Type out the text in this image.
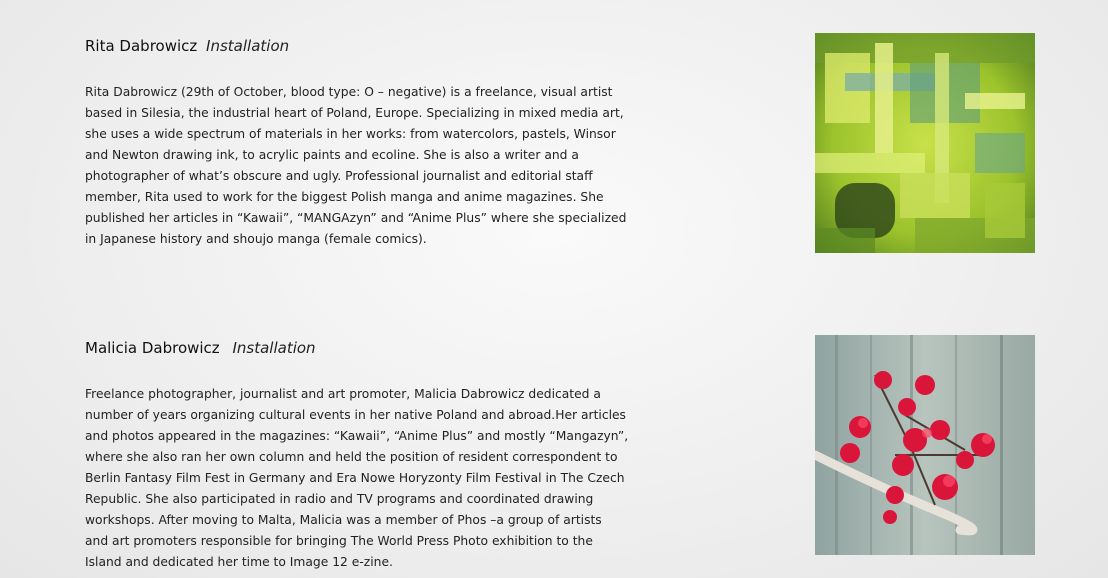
Rita Dabrowicz Installation
Rita Dabrowicz (29th of October, blood type: O – negative) is a freelance, visual artist
based in Silesia, the industrial heart of Poland, Europe. Specializing in mixed media art,
she uses a wide spectrum of materials in her works: from watercolors, pastels, Winsor
and Newton drawing ink, to acrylic paints and ecoline. She is also a writer and a
photographer of what’s obscure and ugly. Professional journalist and editorial staff
member, Rita used to work for the biggest Polish manga and anime magazines. She
published her articles in “Kawaii”, “MANGAzyn” and “Anime Plus” where she specialized
in Japanese history and shoujo manga (female comics).
Malicia Dabrowicz Installation
Freelance photographer, journalist and art promoter, Malicia Dabrowicz dedicated a
number of years organizing cultural events in her native Poland and abroad.Her articles
and photos appeared in the magazines: “Kawaii”, “Anime Plus” and mostly “Mangazyn”,
where she also ran her own column and held the position of resident correspondent to
Berlin Fantasy Film Fest in Germany and Era Nowe Horyzonty Film Festival in The Czech
Republic. She also participated in radio and TV programs and coordinated drawing
workshops. After moving to Malta, Malicia was a member of Phos –a group of artists
and art promoters responsible for bringing The World Press Photo exhibition to the
Island and dedicated her time to Image 12 e-zine.
